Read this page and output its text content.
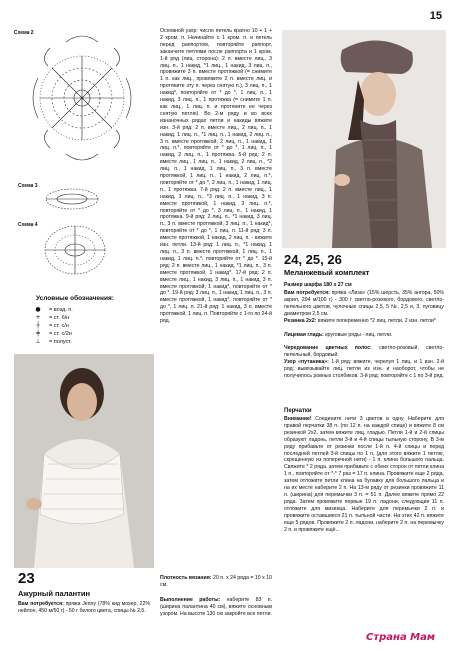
15
Схема 2
Схема 3
Схема 4
Условные обозначения:
●	= возд. п.
+	= ст. б/н
┼	= ст. с/н
╪	= ст. с/2н
⊥	= полуст.
23
Ажурный палантин
Вам потребуется: пряжа Jenny (78% кид мохер, 22% нейлон, 450 м/50 г) - 50 г белого цвета, спицы № 2,5.
Основной узор: число петель кратно 10 + 1 + 2 кром. п. Начинайте с 1 кром. п. и петель перед раппортом, повторяйте раппорт, заканчите петлями после раппорта и 1 кром. 1-й ряд (лиц. сторона): 2 п. вместе лиц., 3 лиц. п., 1 накид, *1 лиц., 1 накид, 3 лиц. п., провяжите 3 п. вместе протяжкой (= снимите 1 п. как лиц., провяжите 2 п. вместе лиц. и протяните эту п. через снятую п.), 3 лиц. п., 1 накид*, повторяйте от * до *, 1 лиц. п., 1 накид, 3 лиц. п., 1 протяжка (= снимите 1 п. как лиц., 1 лиц. п. и протяните ее через снятую петлю). Во 2-м ряду и во всех изнаночных рядах петли и накиды вяжите изн. 3-й ряд: 2 п. вместе лиц., 2 лиц. п., 1 накид, 1 лиц. п., *1 лиц. п., 1 накид, 2 лиц. п., 3 п. вместе протяжкой, 2 лиц. п., 1 накид, 1 лиц. п.*, повторяйте от * до *, 1 лиц. п., 1 накид, 2 лиц. п., 1 протяжка. 5-й ряд: 2 п. вместе лиц., 1 лиц. п., 1 накид, 2 лиц. п., *2 лиц. п., 1 накид, 1 лиц. п., 3 п. вместе протяжкой, 1 лиц. п., 1 накид, 2 лиц. п.*, повторяйте от * до *, 2 лиц. п., 1 накид, 1 лиц. п., 1 протяжка. 7-й ряд: 2 п. вместе лиц., 1 накид, 3 лиц. п., *3 лиц. п., 1 накид, 3 п. вместе протяжкой, 1 накид, 3 лиц. п.*, повторяйте от * до *, 3 лиц. п., 1 накид, 1 протяжка. 9-й ряд: 2 лиц. п., *1 накид, 3 лиц. п., 3 п. вместе протяжкой, 3 лиц. п., 1 накид*, повторяйте от * до *, 1 лиц. п. 11-й ряд: 3 п. вместе протяжкой, 1 накид, 2 лиц. п. - вяжите изн. петли. 13-й ряд: 1 лиц. п., *1 накид, 1 лиц. п., 3 п. вместе протяжкой, 1 лиц. п., 1 накид, 1 лиц. п.*, повторяйте от * до *. 15-й ряд: 2 п. вместе лиц., 1 накид, *1 лиц. п., 3 п. вместе протяжкой, 1 накид*. 17-й ряд: 2 п. вместе лиц., 1 накид, 3 лиц. п., 1 накид, 3 п. вместе протяжкой, 1 накид*, повторяйте от * до *. 19-й ряд: 3 лиц. п., 1 накид, 1 лиц. п., 3 п. вместе протяжкой, 1 накид*, повторяйте от * до *, 1 лиц. п. 21-й ряд: 1 накид, 3 п. вместе протяжкой, 1 лиц. п. Повторяйте с 1-го по 24-й ряд.
Плотность вязания: 20 п. х 24 ряда = 10 х 10 см.
Выполнение работы: наберите 83 п. (ширина палантина 40 см), вяжите основным узором. На высоте 130 см закройте все петли.
24, 25, 26
Меланжевый комплект
Размер шарфа 180 х 27 см
Вам потребуется: пряжа «Лиза» (15% шерсть, 35% ангора, 50% акрил, 294 м/100 г) - 300 г светло-розового, бордового, светло-пепельного цветов, чулочные спицы 2,5, 5 №, 2,5 и, 3, пуговицу диаметром 2,5 см.
Резинка 2х2: вяжите попеременно *2 лиц. петли, 2 изн. петли*
Лицевая гладь: круговые ряды - лиц. петли.
Чередование цветных полос: светло-розовый, светло-пепельный, бордовый.
Узор «путаника»: 1-й ряд: вяжите, черелуя 1 лиц. и 1 изн. 2-й ряд: вывязывайте лиц. петли из изн. и наоборот, чтобы не получилось ровных столбиков. 3-й ряд: повторяйте с 1 по 3-й ряд.
Перчатки
Внимание! Соедините нити 3 цветов в одну. Наберите для правой перчатки 38 п. (по 12 п. на каждой спице) и вяжите 8 см резинкой 2х2, затем вяжите лиц. гладью. Петли 1-й и 2-й спицы образуют ладонь, петли 3-й и 4-й спицы тыльную сторону. В 3-м ряду прибавьте от резинки после 1-й п. 4-й спицы и перед последней петлей 3-й спицы по 1 п. (для этого вяжите 1 петлю, скрещенную из поперечной нити) - 1 п. клина большого пальца. Свяжите * 2 ряда, затем прибавьте с обеих сторон от петли клина 1 п., повторяйте от *-* 7 раз = 17 п. клина. Провяжите еще 2 ряда, затем отложите петли клина на булавку для большого пальца и на их месте наберите 2 п. На 13-м ряду от резинки провяжите 11 п. (ширина) для перемычки 3 п. = 51 п. Далее вяжите прямо 22 ряда. Затем провяжите первые 19 п. ладони, следующие 11 п. отложите для мизинца. Наберите для перемычки 2 п. и провяжите оставшиеся 21 п. тыльной части. На этих 42 п. вяжите еще 5 рядов. Провяжите 2 п. ладони, наберите 2 п. на перемычку 2 п. и провяжите ещё...
Страна Мам
